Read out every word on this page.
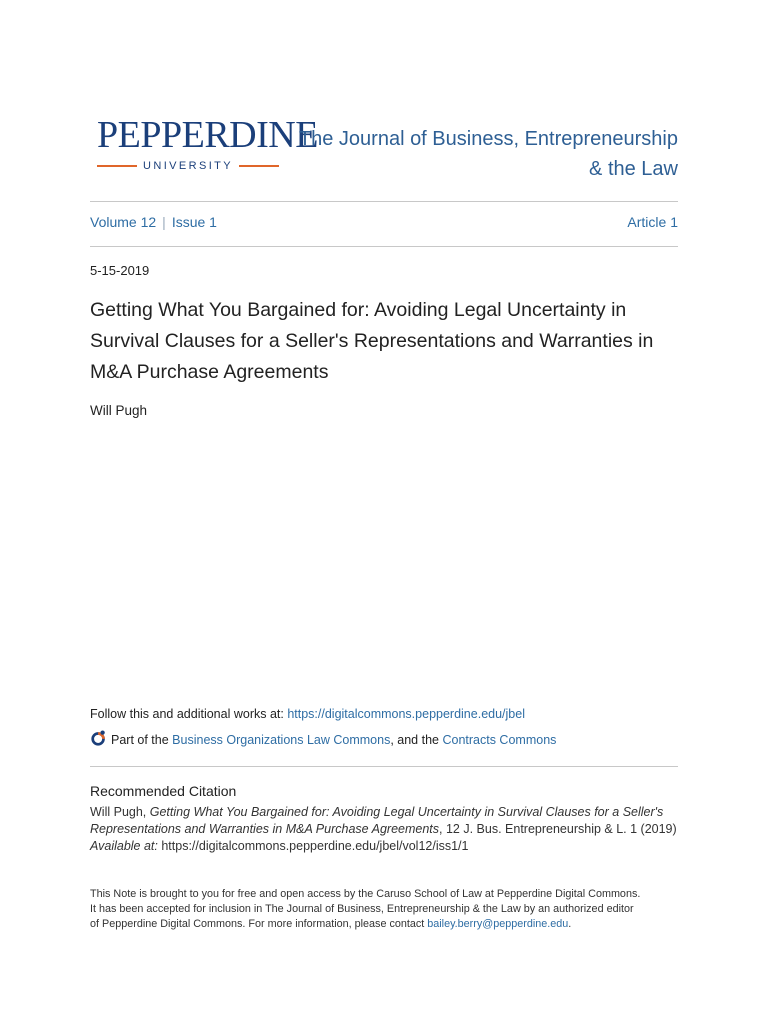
PEPPERDINE
UNIVERSITY
The Journal of Business, Entrepreneurship
& the Law
Volume 12 | Issue 1	Article 1
5-15-2019
Getting What You Bargained for: Avoiding Legal Uncertainty in Survival Clauses for a Seller's Representations and Warranties in M&A Purchase Agreements
Will Pugh
Follow this and additional works at: https://digitalcommons.pepperdine.edu/jbel
Part of the
Business Organizations Law Commons , and the
Contracts Commons
Recommended Citation
Will Pugh, Getting What You Bargained for: Avoiding Legal Uncertainty in Survival Clauses for a Seller's Representations and Warranties in M&A Purchase Agreements, 12 J. Bus. Entrepreneurship & L. 1 (2019)
Available at: https://digitalcommons.pepperdine.edu/jbel/vol12/iss1/1
This Note is brought to you for free and open access by the Caruso School of Law at Pepperdine Digital Commons.
It has been accepted for inclusion in The Journal of Business, Entrepreneurship & the Law by an authorized editor
of Pepperdine Digital Commons. For more information, please contact bailey.berry@pepperdine.edu.
